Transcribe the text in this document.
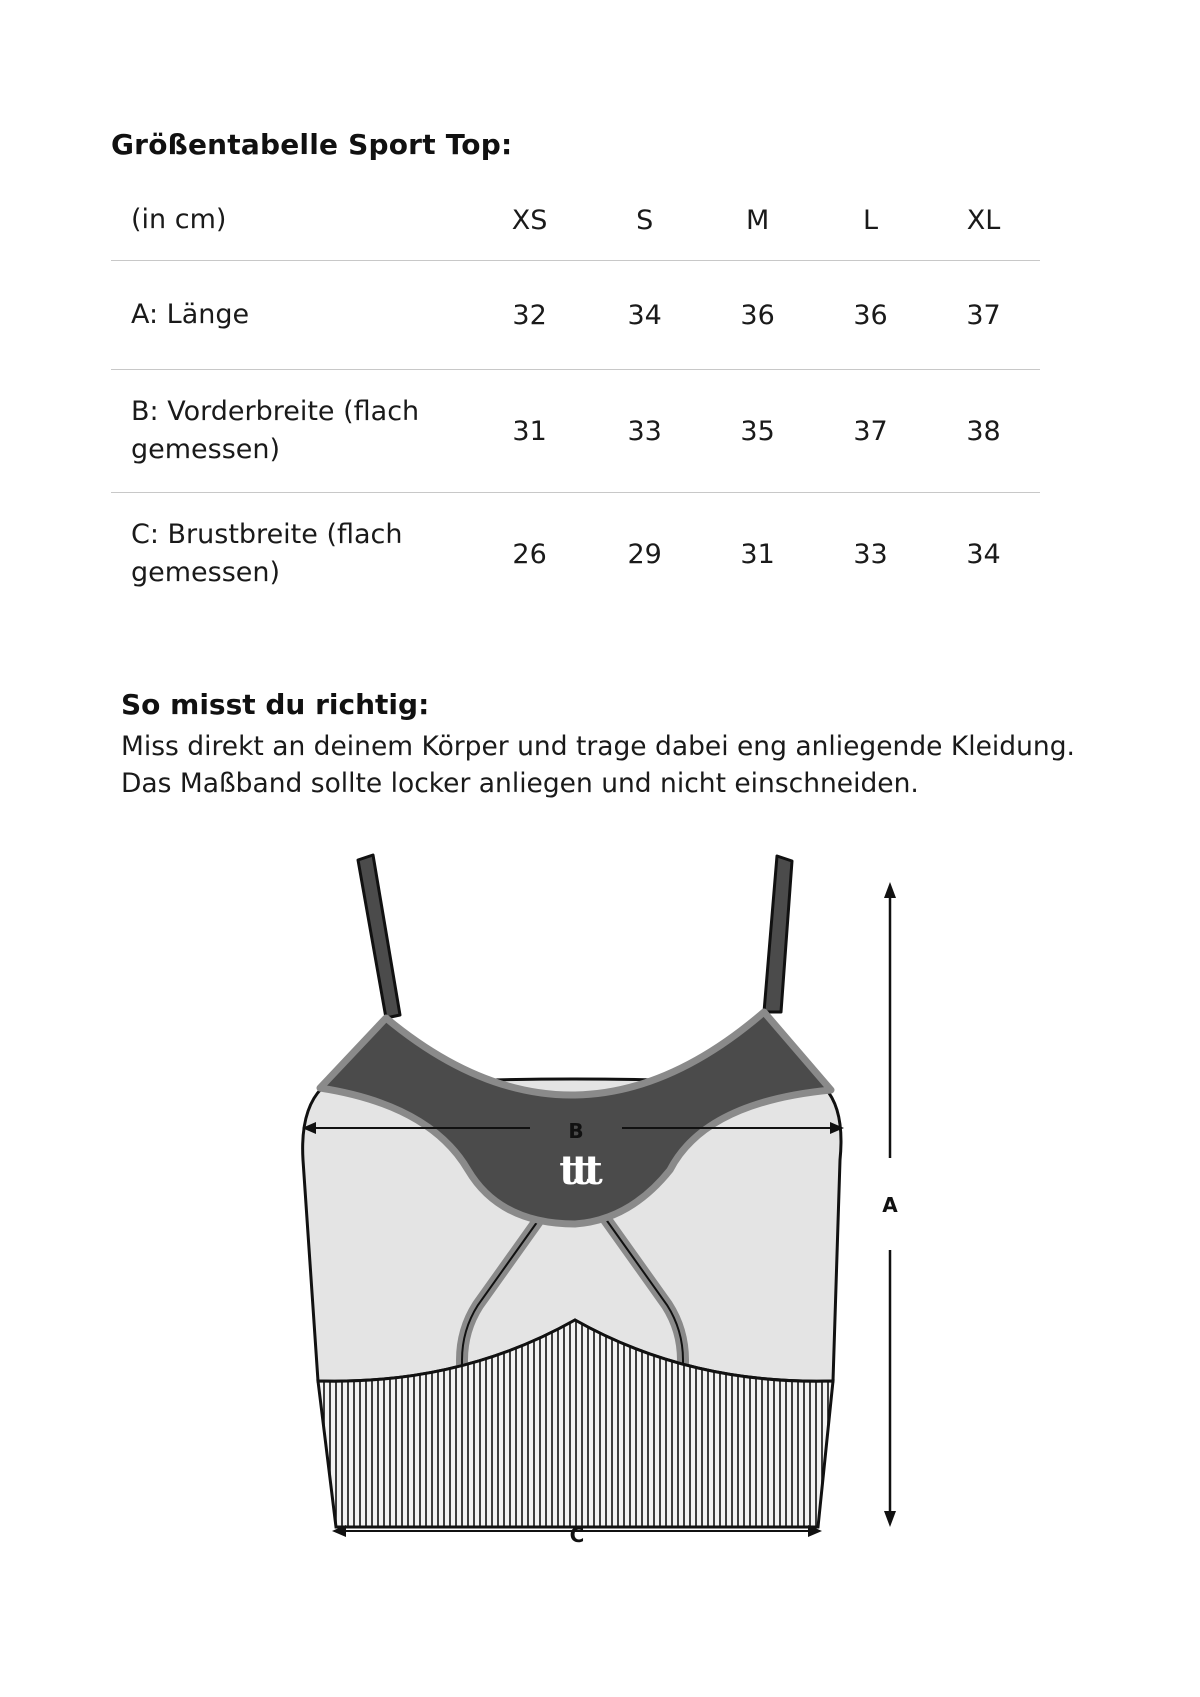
Größentabelle Sport Top:
(in cm)	XS	S	M	L	XL
A: Länge	32	34	36	36	37
B: Vorderbreite (flach gemessen)	31	33	35	37	38
C: Brustbreite (flach gemessen)	26	29	31	33	34
So misst du richtig:

Miss direkt an deinem Körper und trage dabei eng anliegende Kleidung.
Das Maßband sollte locker anliegen und nicht einschneiden.

B
ttt
A
C
